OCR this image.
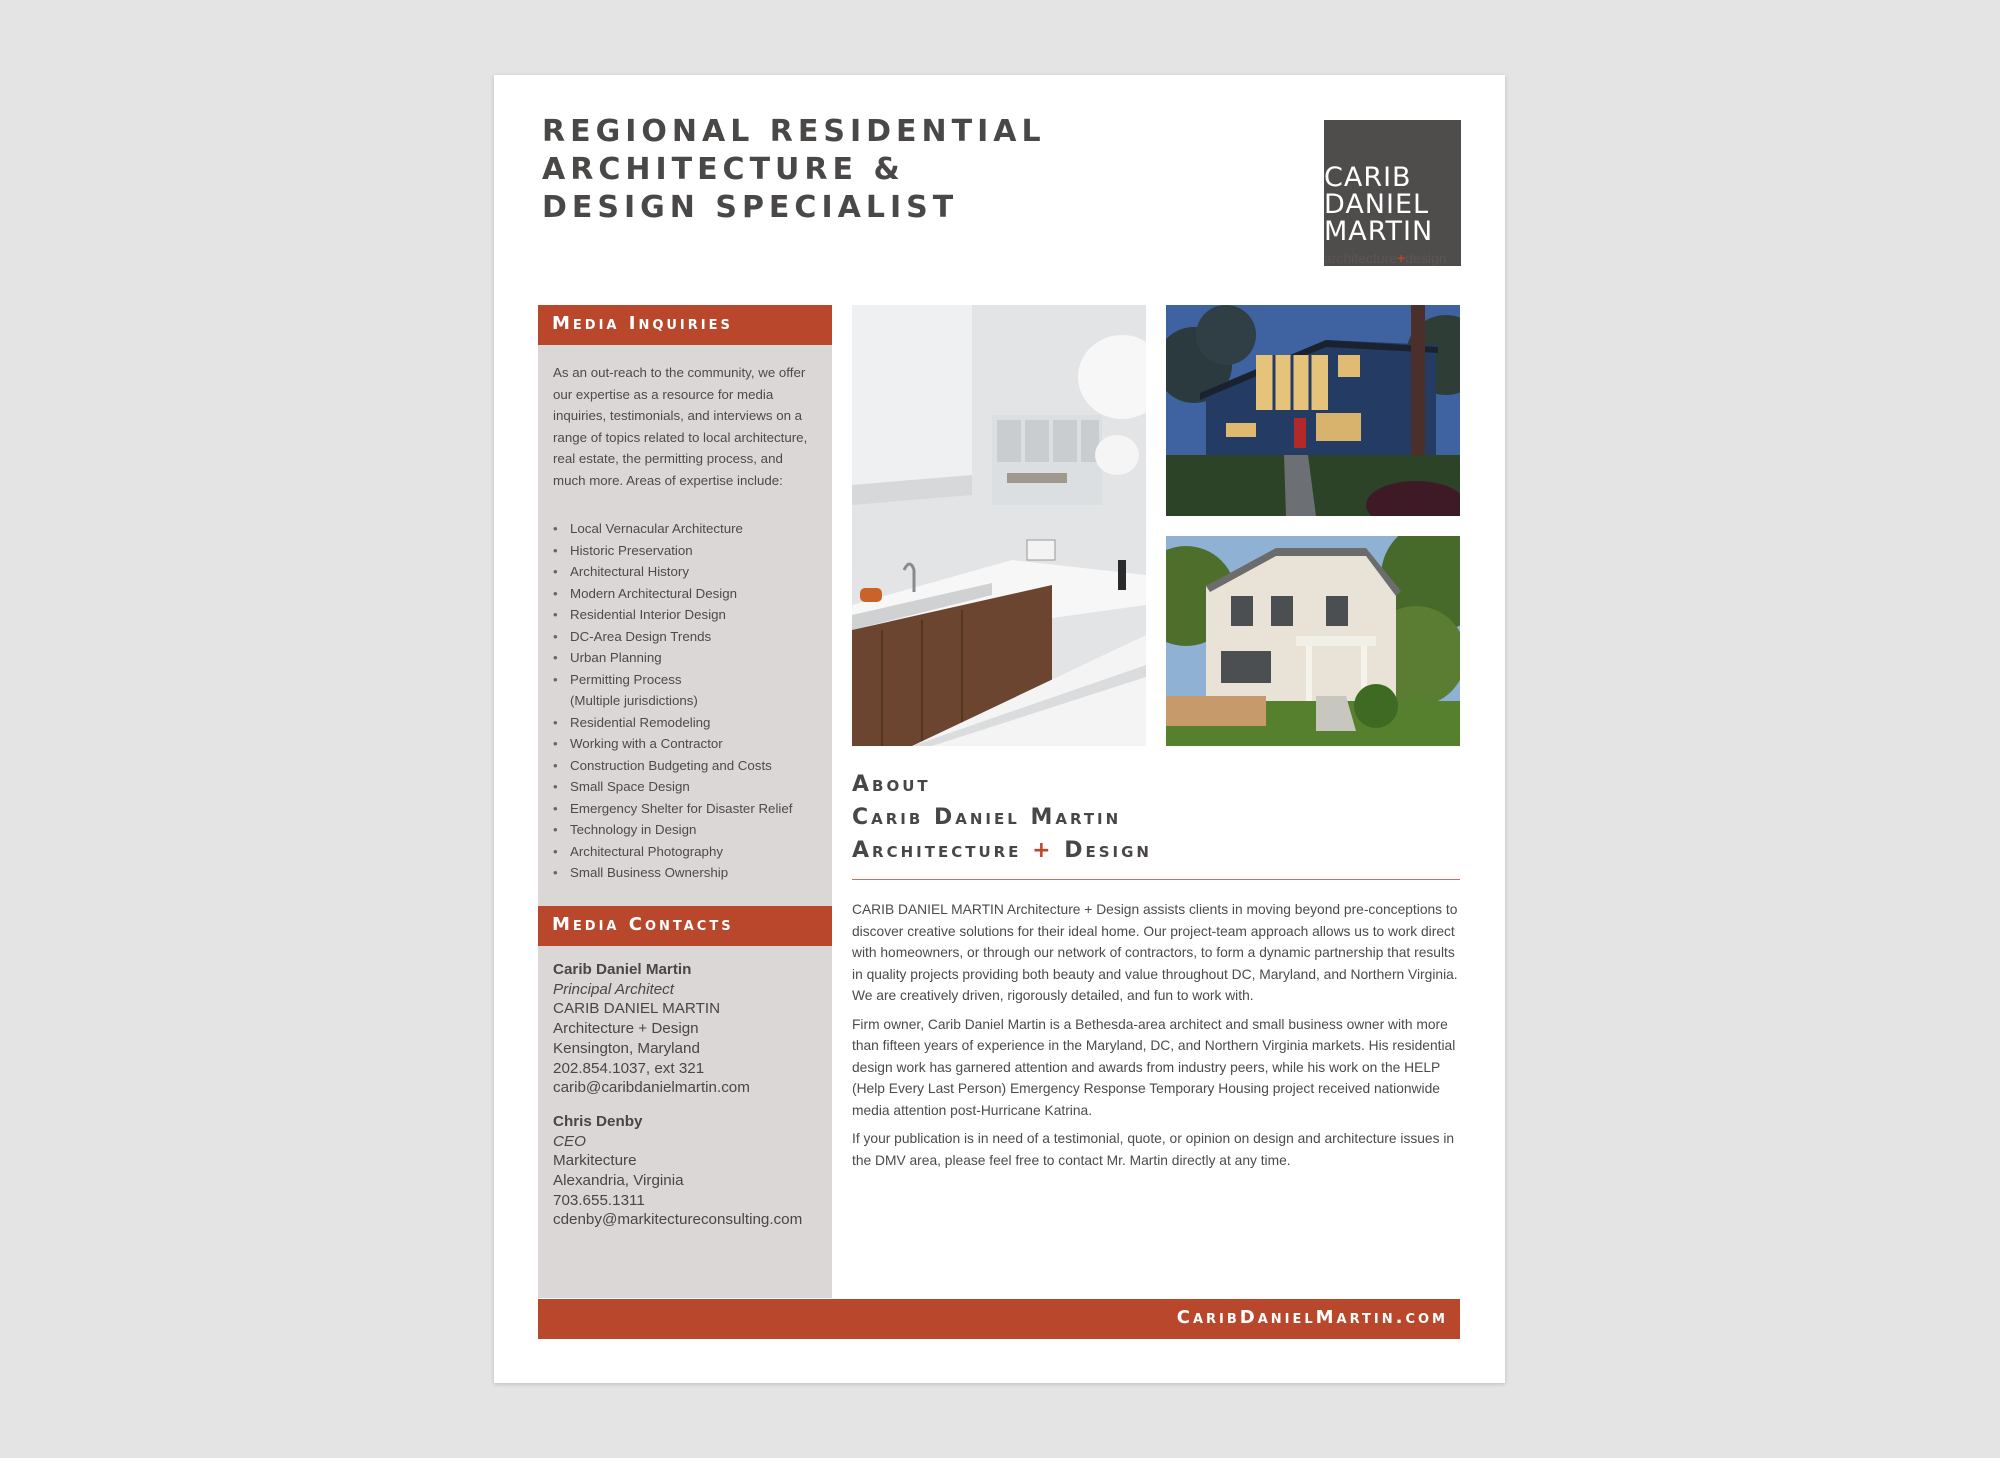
REGIONAL RESIDENTIAL
ARCHITECTURE &
DESIGN SPECIALIST
CARIB
DANIEL
MARTIN
architecture+design
Media Inquiries
As an out-reach to the community, we offer our expertise as a resource for media inquiries, testimonials, and interviews on a range of topics related to local architecture, real estate, the permitting process, and much more. Areas of expertise include:
• Local Vernacular Architecture
• Historic Preservation
• Architectural History
• Modern Architectural Design
• Residential Interior Design
• DC-Area Design Trends
• Urban Planning
• Permitting Process (Multiple jurisdictions)
• Residential Remodeling
• Working with a Contractor
• Construction Budgeting and Costs
• Small Space Design
• Emergency Shelter for Disaster Relief
• Technology in Design
• Architectural Photography
• Small Business Ownership
Media Contacts
Carib Daniel Martin
Principal Architect
CARIB DANIEL MARTIN
Architecture + Design
Kensington, Maryland
202.854.1037, ext 321
carib@caribdanielmartin.com
Chris Denby
CEO
Markitecture
Alexandria, Virginia
703.655.1311
cdenby@markitectureconsulting.com
About
Carib Daniel Martin
Architecture + Design

CARIB DANIEL MARTIN Architecture + Design assists clients in moving beyond pre-conceptions to discover creative solutions for their ideal home. Our project-team approach allows us to work direct with homeowners, or through our network of contractors, to form a dynamic partnership that results in quality projects providing both beauty and value throughout DC, Maryland, and Northern Virginia. We are creatively driven, rigorously detailed, and fun to work with.

Firm owner, Carib Daniel Martin is a Bethesda-area architect and small business owner with more than fifteen years of experience in the Maryland, DC, and Northern Virginia markets. His residential design work has garnered attention and awards from industry peers, while his work on the HELP (Help Every Last Person) Emergency Response Temporary Housing project received nationwide media attention post-Hurricane Katrina.

If your publication is in need of a testimonial, quote, or opinion on design and architecture issues in the DMV area, please feel free to contact Mr. Martin directly at any time.

CaribDanielMartin.com
